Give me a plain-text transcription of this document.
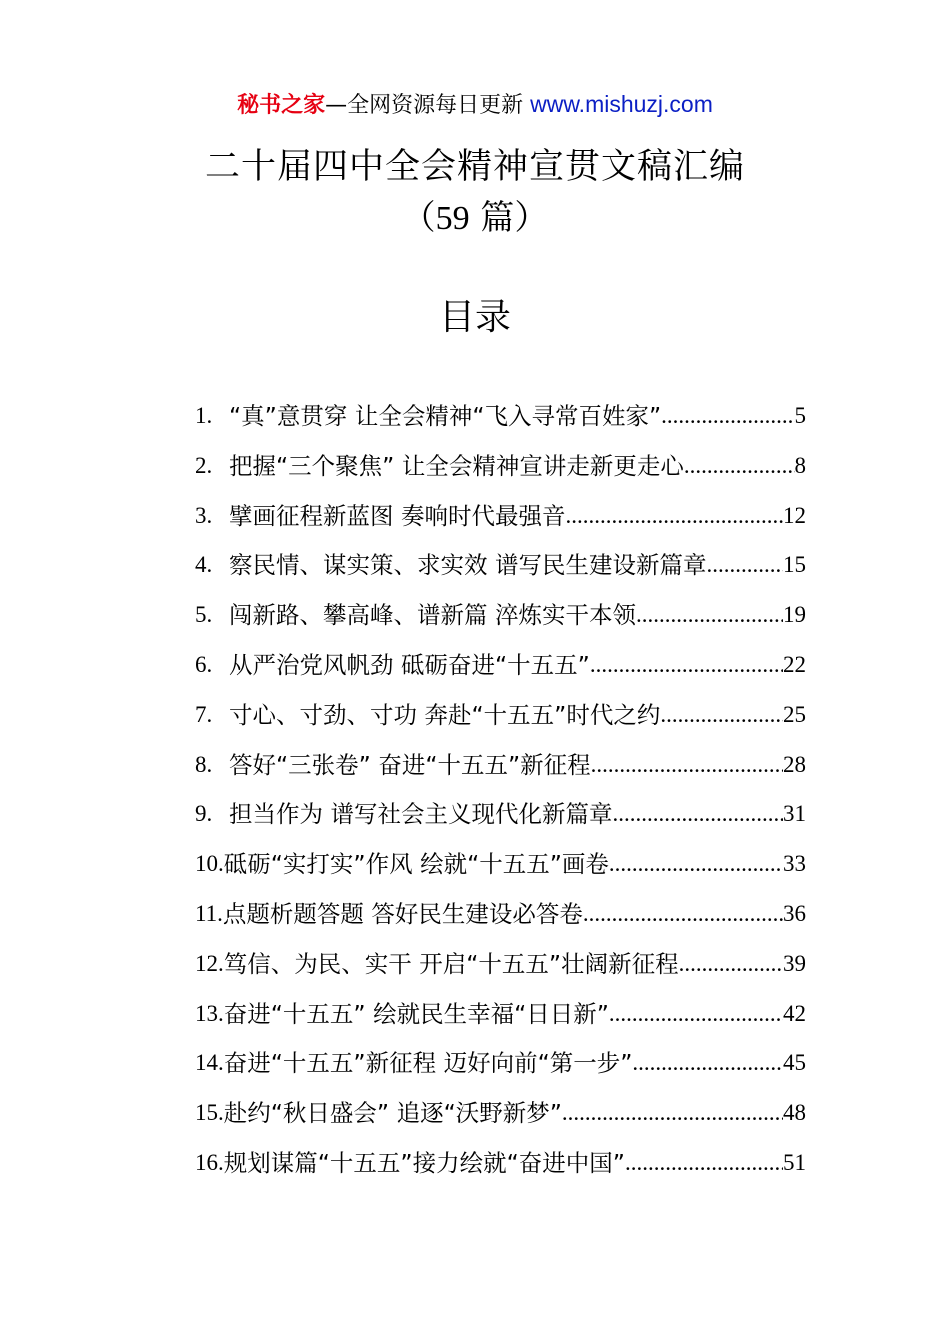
秘书之家—全网资源每日更新 www.mishuzj.com
二十届四中全会精神宣贯文稿汇编
（59 篇）
目录
1. “真”意贯穿 让全会精神“飞入寻常百姓家” .....	5
2. 把握“三个聚焦” 让全会精神宣讲走新更走心 .....	8
3. 擘画征程新蓝图 奏响时代最强音 .....	12
4. 察民情、谋实策、求实效 谱写民生建设新篇章 .....	15
5. 闯新路、攀高峰、谱新篇 淬炼实干本领 .....	19
6. 从严治党风帆劲 砥砺奋进“十五五” .....	22
7. 寸心、寸劲、寸功 奔赴“十五五”时代之约 .....	25
8. 答好“三张卷” 奋进“十五五”新征程 .....	28
9. 担当作为 谱写社会主义现代化新篇章 .....	31
10. 砥砺“实打实”作风 绘就“十五五”画卷 .....	33
11. 点题析题答题 答好民生建设必答卷 .....	36
12. 笃信、为民、实干 开启“十五五”壮阔新征程 .....	39
13. 奋进“十五五” 绘就民生幸福“日日新” .....	42
14. 奋进“十五五”新征程 迈好向前“第一步” .....	45
15. 赴约“秋日盛会” 追逐“沃野新梦” .....	48
16. 规划谋篇“十五五”接力绘就“奋进中国” .....	51
